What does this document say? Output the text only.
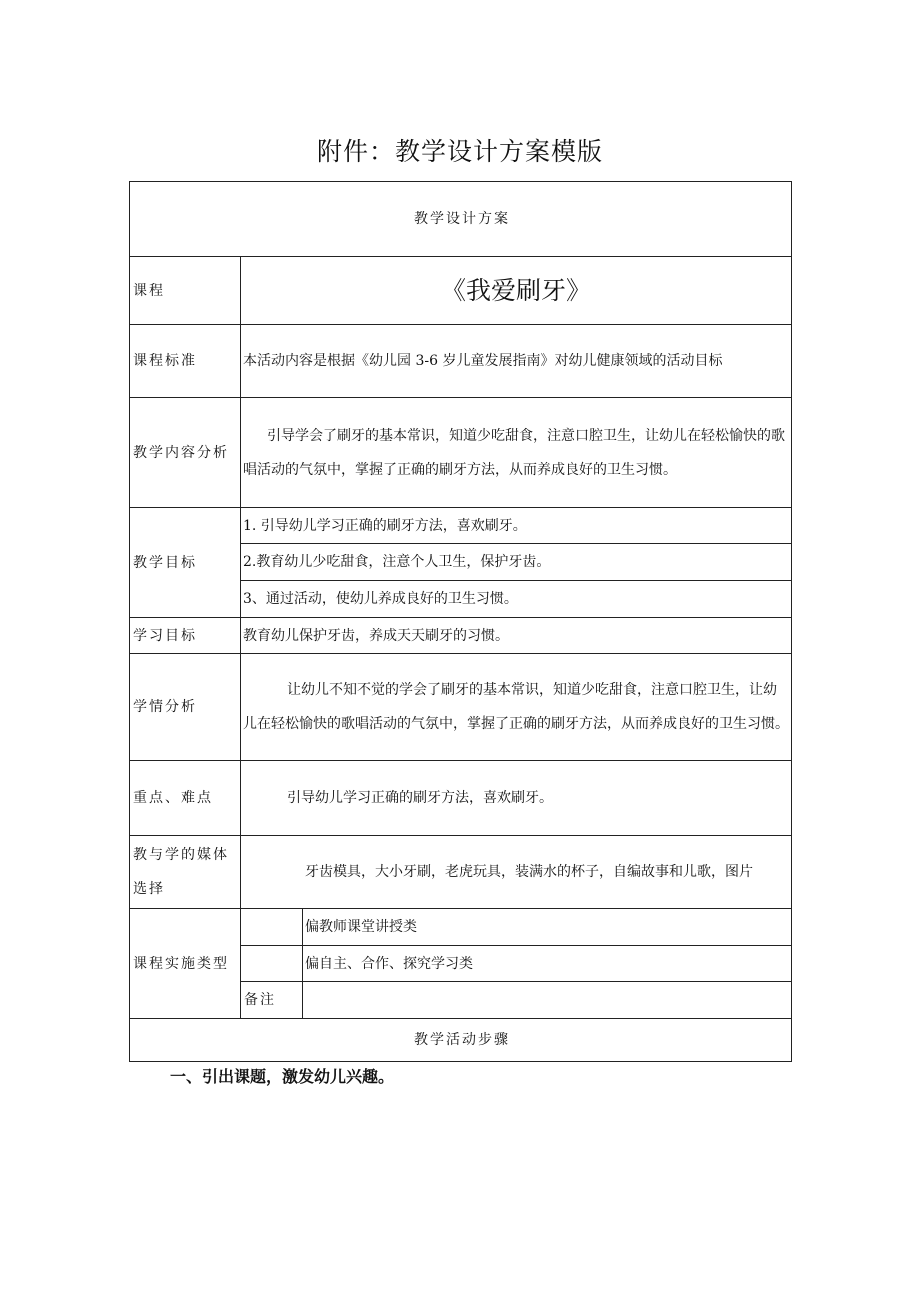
附件：教学设计方案模版
教学设计方案		
课程	《我爱刷牙》	
课程标准	本活动内容是根据《幼儿园 3-6 岁儿童发展指南》对幼儿健康领域的活动目标	
教学内容分析	引导学会了刷牙的基本常识，知道少吃甜食，注意口腔卫生，让幼儿在轻松愉快的歌唱活动的气氛中，掌握了正确的刷牙方法，从而养成良好的卫生习惯。	
教学目标	1. 引导幼儿学习正确的刷牙方法，喜欢刷牙。	
	2.教育幼儿少吃甜食，注意个人卫生，保护牙齿。	
	3、通过活动，使幼儿养成良好的卫生习惯。	
学习目标	教育幼儿保护牙齿，养成天天刷牙的习惯。	
学情分析	让幼儿不知不觉的学会了刷牙的基本常识，知道少吃甜食，注意口腔卫生，让幼儿在轻松愉快的歌唱活动的气氛中，掌握了正确的刷牙方法，从而养成良好的卫生习惯。	
重点、难点	引导幼儿学习正确的刷牙方法，喜欢刷牙。	
教与学的媒体选择	牙齿模具，大小牙刷，老虎玩具，装满水的杯子，自编故事和儿歌，图片	
课程实施类型		偏教师课堂讲授类
		偏自主、合作、探究学习类
	备注	
教学活动步骤		
一、引出课题，激发幼儿兴趣。
